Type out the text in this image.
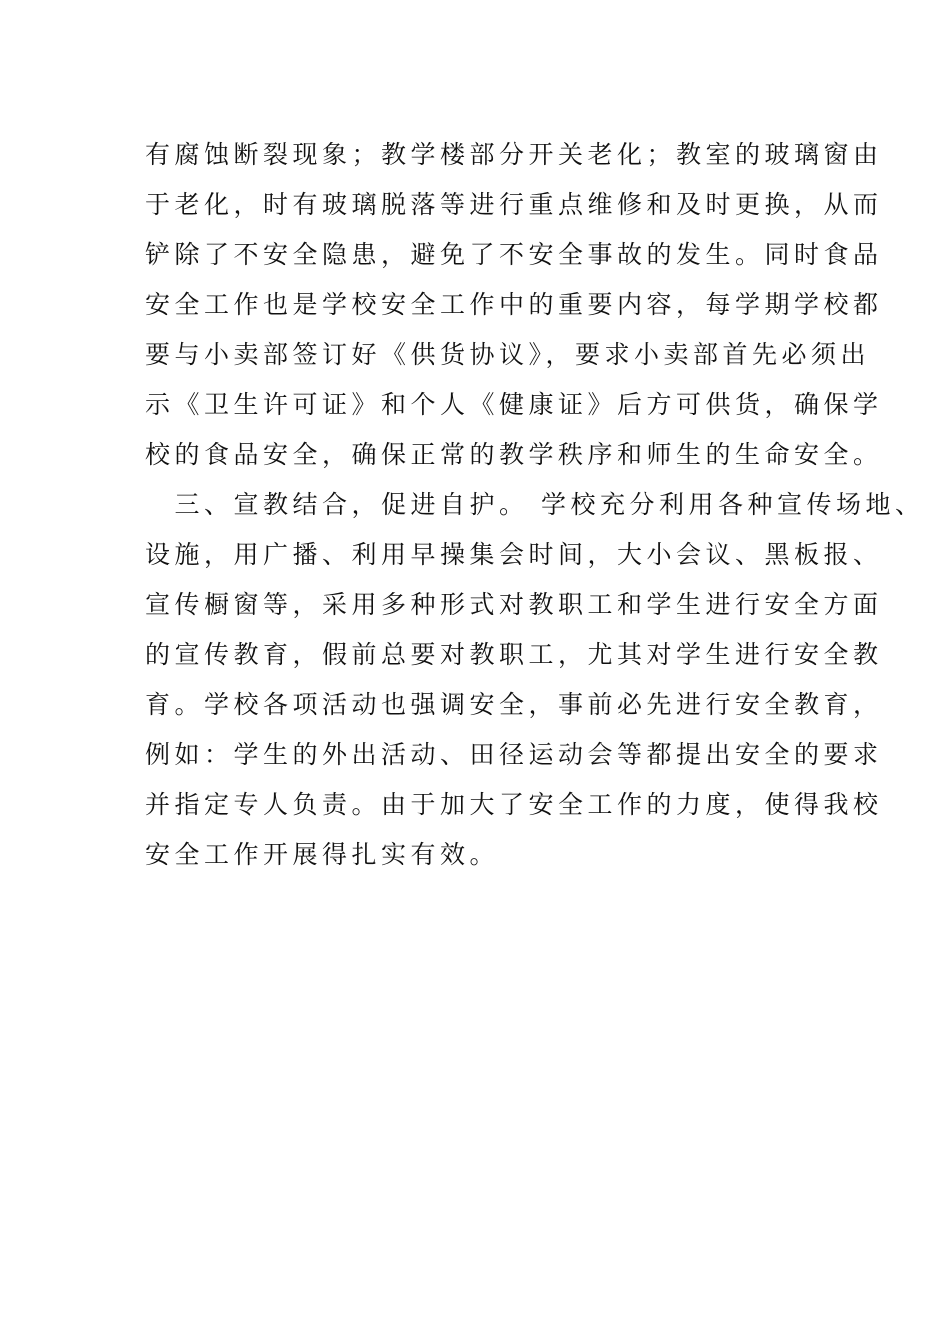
有腐蚀断裂现象；教学楼部分开关老化；教室的玻璃窗由
于老化，时有玻璃脱落等进行重点维修和及时更换，从而
铲除了不安全隐患，避免了不安全事故的发生。同时食品
安全工作也是学校安全工作中的重要内容，每学期学校都
要与小卖部签订好《供货协议》，要求小卖部首先必须出
示《卫生许可证》和个人《健康证》后方可供货，确保学
校的食品安全，确保正常的教学秩序和师生的生命安全。
　三、宣教结合，促进自护。 学校充分利用各种宣传场地、
设施，用广播、利用早操集会时间，大小会议、黑板报、
宣传橱窗等，采用多种形式对教职工和学生进行安全方面
的宣传教育，假前总要对教职工，尤其对学生进行安全教
育。学校各项活动也强调安全，事前必先进行安全教育，
例如：学生的外出活动、田径运动会等都提出安全的要求
并指定专人负责。由于加大了安全工作的力度，使得我校
安全工作开展得扎实有效。
